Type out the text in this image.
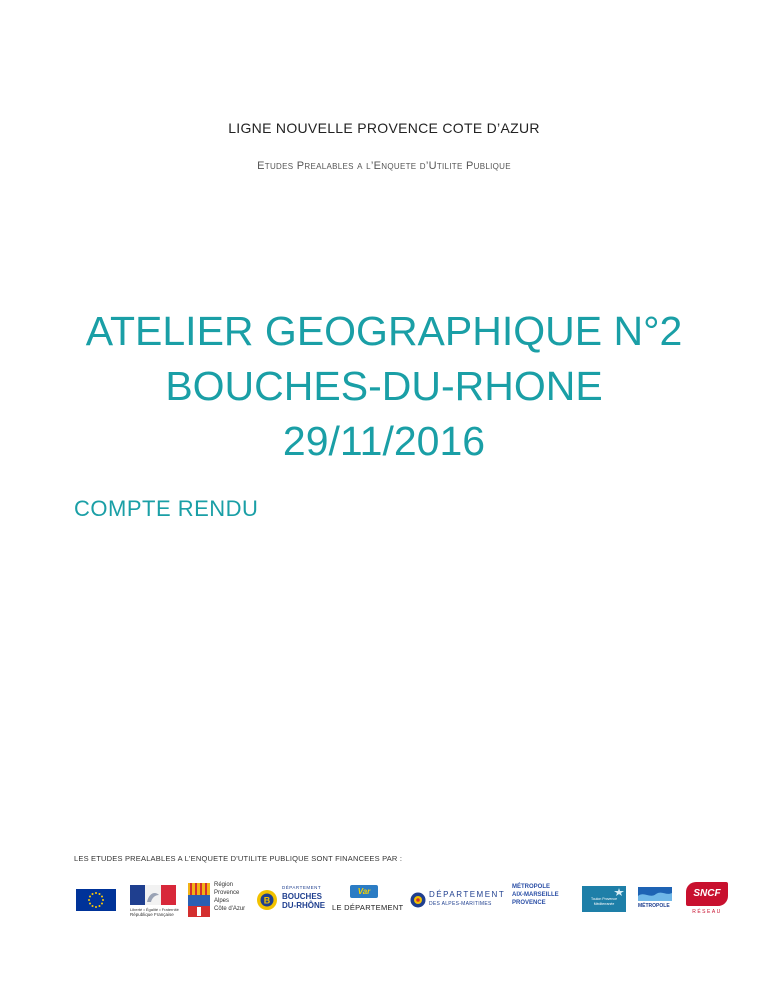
LIGNE NOUVELLE PROVENCE COTE D’AZUR
Etudes Prealables a l’Enquete d’Utilite Publique
ATELIER GEOGRAPHIQUE N°2
BOUCHES-DU-RHONE
29/11/2016
COMPTE RENDU
LES ETUDES PREALABLES A L'ENQUETE D'UTILITE PUBLIQUE SONT FINANCEES PAR :
Liberté • Égalité • Fraternité
République Française
Région
Provence
Alpes
Côte d'Azur
B
DÉPARTEMENT
BOUCHES
DU-RHÔNE
Var
LE DÉPARTEMENT
DÉPARTEMENT
DES ALPES-MARITIMES
MÉTROPOLE
AIX-MARSEILLE
PROVENCE
Toulon Provence Méditerranée	MÉTROPOLE
SNCF
RÉSEAU
